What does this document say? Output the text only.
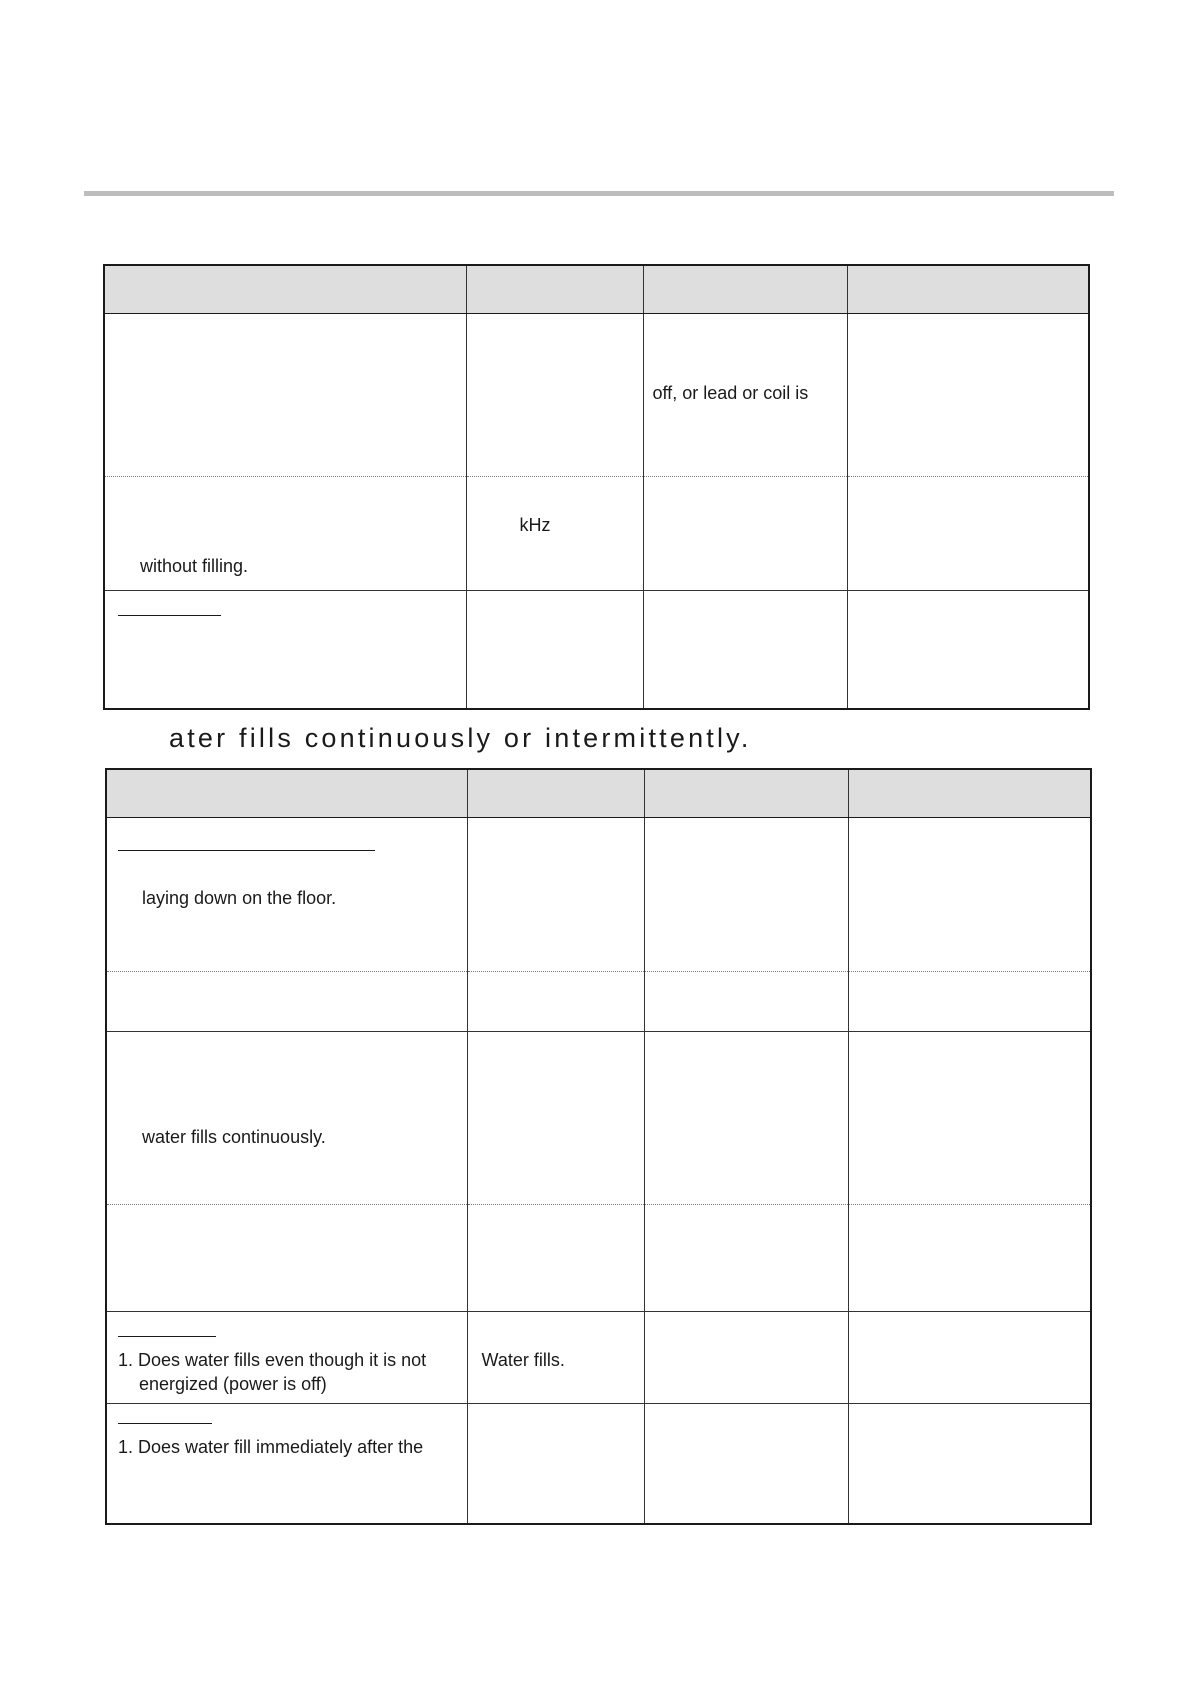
		off, or lead or coil is	

without filling.	kHz		

ater fills continuously or intermittently.

laying down on the floor.			

water fills continuously.			

1. Does water fills even though it is not
energized (power is off)	Water fills.		

1. Does water fill immediately after the			
